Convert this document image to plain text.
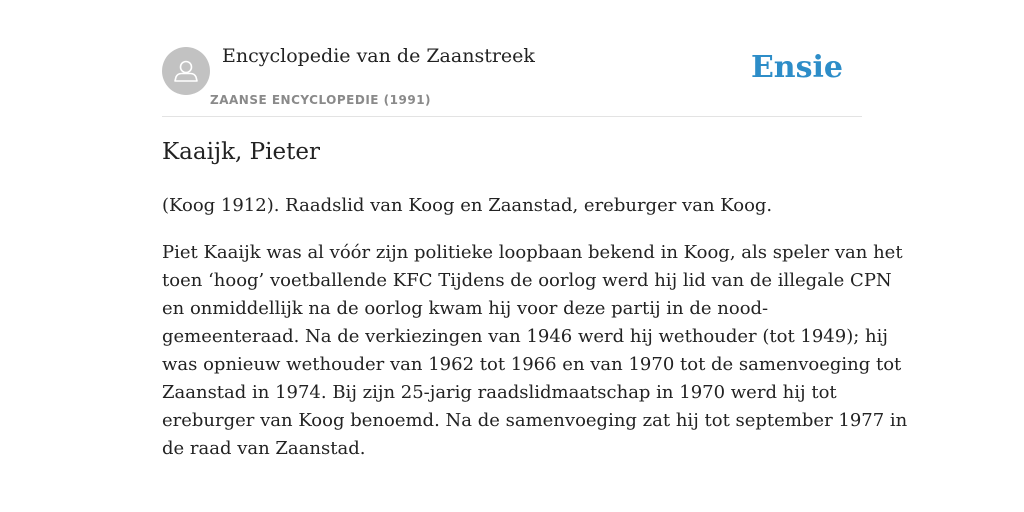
Encyclopedie van de Zaanstreek
ZAANSE ENCYCLOPEDIE (1991)
Ensie
Kaaijk, Pieter

(Koog 1912). Raadslid van Koog en Zaanstad, ereburger van Koog.

Piet Kaaijk was al vóór zijn politieke loopbaan bekend in Koog, als speler van het
toen ‘hoog’ voetballende KFC Tijdens de oorlog werd hij lid van de illegale CPN
en onmiddellijk na de oorlog kwam hij voor deze partij in de nood-
gemeenteraad. Na de verkiezingen van 1946 werd hij wethouder (tot 1949); hij
was opnieuw wethouder van 1962 tot 1966 en van 1970 tot de samenvoeging tot
Zaanstad in 1974. Bij zijn 25-jarig raadslidmaatschap in 1970 werd hij tot
ereburger van Koog benoemd. Na de samenvoeging zat hij tot september 1977 in
de raad van Zaanstad.
